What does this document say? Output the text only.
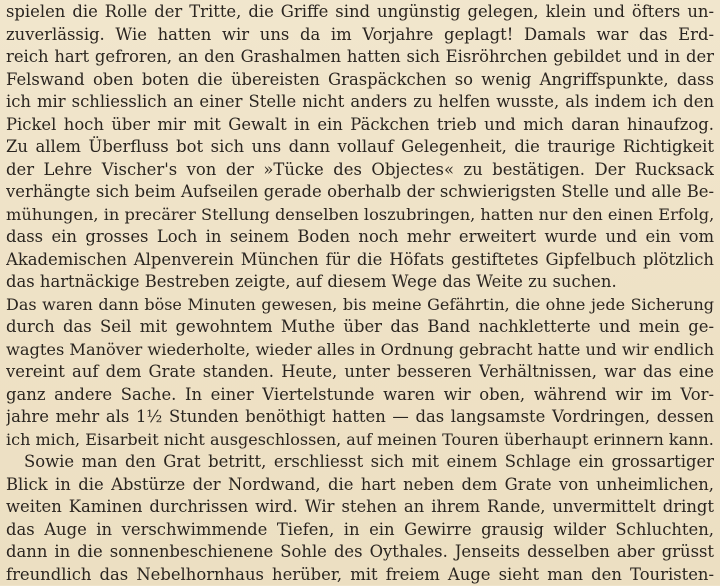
spielen die Rolle der Tritte, die Griffe sind ungünstig gelegen, klein und öfters un-
zuverlässig. Wie hatten wir uns da im Vorjahre geplagt! Damals war das Erd-
reich hart gefroren, an den Grashalmen hatten sich Eisröhrchen gebildet und in der
Felswand oben boten die übereisten Graspäckchen so wenig Angriffspunkte, dass
ich mir schliesslich an einer Stelle nicht anders zu helfen wusste, als indem ich den
Pickel hoch über mir mit Gewalt in ein Päckchen trieb und mich daran hinaufzog.
Zu allem Überfluss bot sich uns dann vollauf Gelegenheit, die traurige Richtigkeit
der Lehre Vischer's von der »Tücke des Objectes« zu bestätigen. Der Rucksack
verhängte sich beim Aufseilen gerade oberhalb der schwierigsten Stelle und alle Be-
mühungen, in precärer Stellung denselben loszubringen, hatten nur den einen Erfolg,
dass ein grosses Loch in seinem Boden noch mehr erweitert wurde und ein vom
Akademischen Alpenverein München für die Höfats gestiftetes Gipfelbuch plötzlich
das hartnäckige Bestreben zeigte, auf diesem Wege das Weite zu suchen.
Das waren dann böse Minuten gewesen, bis meine Gefährtin, die ohne jede Sicherung
durch das Seil mit gewohntem Muthe über das Band nachkletterte und mein ge-
wagtes Manöver wiederholte, wieder alles in Ordnung gebracht hatte und wir endlich
vereint auf dem Grate standen. Heute, unter besseren Verhältnissen, war das eine
ganz andere Sache. In einer Viertelstunde waren wir oben, während wir im Vor-
jahre mehr als 1½ Stunden benöthigt hatten — das langsamste Vordringen, dessen
ich mich, Eisarbeit nicht ausgeschlossen, auf meinen Touren überhaupt erinnern kann.
Sowie man den Grat betritt, erschliesst sich mit einem Schlage ein grossartiger
Blick in die Abstürze der Nordwand, die hart neben dem Grate von unheimlichen,
weiten Kaminen durchrissen wird. Wir stehen an ihrem Rande, unvermittelt dringt
das Auge in verschwimmende Tiefen, in ein Gewirre grausig wilder Schluchten,
dann in die sonnenbeschienene Sohle des Oythales. Jenseits desselben aber grüsst
freundlich das Nebelhornhaus herüber, mit freiem Auge sieht man den Touristen-
